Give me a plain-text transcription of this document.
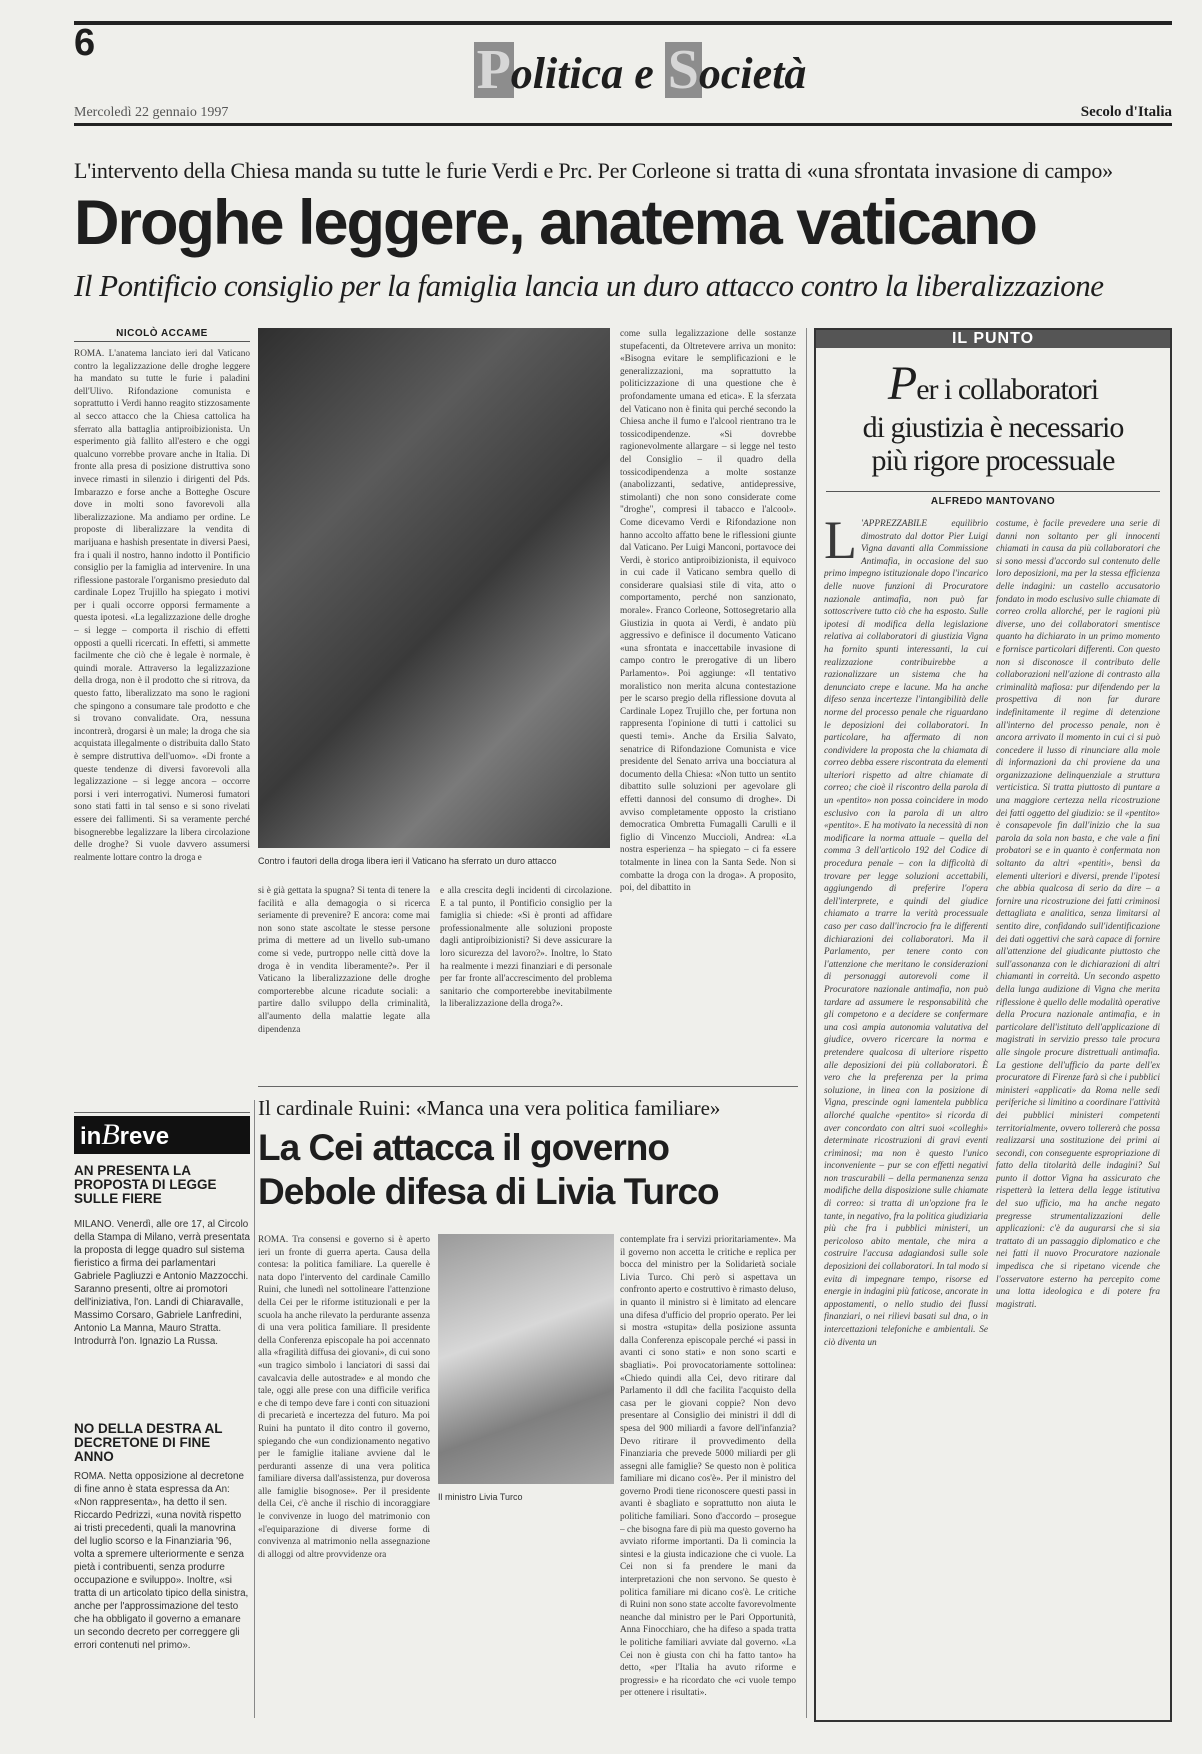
6	Politica e Società
Mercoledì 22 gennaio 1997	Secolo d'Italia
L'intervento della Chiesa manda su tutte le furie Verdi e Prc. Per Corleone si tratta di «una sfrontata invasione di campo»
Droghe leggere, anatema vaticano
Il Pontificio consiglio per la famiglia lancia un duro attacco contro la liberalizzazione
NICOLÒ ACCAME
ROMA. L'anatema lanciato ieri dal Vaticano contro la legalizzazione delle droghe leggere ha mandato su tutte le furie i paladini dell'Ulivo. Rifondazione comunista e soprattutto i Verdi hanno reagito stizzosamente al secco attacco che la Chiesa cattolica ha sferrato alla battaglia antiproibizionista. Un esperimento già fallito all'estero e che oggi qualcuno vorrebbe provare anche in Italia. Di fronte alla presa di posizione distruttiva sono invece rimasti in silenzio i dirigenti del Pds. Imbarazzo e forse anche a Botteghe Oscure dove in molti sono favorevoli alla liberalizzazione. Ma andiamo per ordine. Le proposte di liberalizzare la vendita di marijuana e hashish presentate in diversi Paesi, fra i quali il nostro, hanno indotto il Pontificio consiglio per la famiglia ad intervenire. In una riflessione pastorale l'organismo presieduto dal cardinale Lopez Trujillo ha spiegato i motivi per i quali occorre opporsi fermamente a questa ipotesi. «La legalizzazione delle droghe – si legge – comporta il rischio di effetti opposti a quelli ricercati. In effetti, si ammette facilmente che ciò che è legale è normale, è quindi morale. Attraverso la legalizzazione della droga, non è il prodotto che si ritrova, da questo fatto, liberalizzato ma sono le ragioni che spingono a consumare tale prodotto e che si trovano convalidate. Ora, nessuna incontrerà, drogarsi è un male; la droga che sia acquistata illegalmente o distribuita dallo Stato è sempre distruttiva dell'uomo». «Di fronte a queste tendenze di diversi favorevoli alla legalizzazione – si legge ancora – occorre porsi i veri interrogativi. Numerosi fumatori sono stati fatti in tal senso e si sono rivelati essere dei fallimenti. Si sa veramente perché bisognerebbe legalizzare la libera circolazione delle droghe? Si vuole davvero assumersi realmente lottare contro la droga e	Contro i fautori della droga libera ieri il Vaticano ha sferrato un duro attacco
si è già gettata la spugna? Si tenta di tenere la facilità e alla demagogia o si ricerca seriamente di prevenire? E ancora: come mai non sono state ascoltate le stesse persone prima di mettere ad un livello sub-umano come si vede, purtroppo nelle città dove la droga è in vendita liberamente?». Per il Vaticano la liberalizzazione delle droghe comporterebbe alcune ricadute sociali: a partire dallo sviluppo della criminalità, all'aumento della malattie legate alla dipendenza
e alla crescita degli incidenti di circolazione. E a tal punto, il Pontificio consiglio per la famiglia si chiede: «Si è pronti ad affidare professionalmente alle soluzioni proposte dagli antiproibizionisti? Si deve assicurare la loro sicurezza del lavoro?». Inoltre, lo Stato ha realmente i mezzi finanziari e di personale per far fronte all'accrescimento del problema sanitario che comporterebbe inevitabilmente la liberalizzazione della droga?».
come sulla legalizzazione delle sostanze stupefacenti, da Oltretevere arriva un monito: «Bisogna evitare le semplificazioni e le generalizzazioni, ma soprattutto la politicizzazione di una questione che è profondamente umana ed etica». E la sferzata del Vaticano non è finita qui perché secondo la Chiesa anche il fumo e l'alcool rientrano tra le tossicodipendenze. «Si dovrebbe ragionevolmente allargare – si legge nel testo del Consiglio – il quadro della tossicodipendenza a molte sostanze (anabolizzanti, sedative, antidepressive, stimolanti) che non sono considerate come "droghe", compresi il tabacco e l'alcool». Come dicevamo Verdi e Rifondazione non hanno accolto affatto bene le riflessioni giunte dal Vaticano. Per Luigi Manconi, portavoce dei Verdi, è storico antiproibizionista, il equivoco in cui cade il Vaticano sembra quello di considerare qualsiasi stile di vita, atto o comportamento, perché non sanzionato, morale». Franco Corleone, Sottosegretario alla Giustizia in quota ai Verdi, è andato più aggressivo e definisce il documento Vaticano «una sfrontata e inaccettabile invasione di campo contro le prerogative di un libero Parlamento». Poi aggiunge: «Il tentativo moralistico non merita alcuna contestazione per le scarso pregio della riflessione dovuta al Cardinale Lopez Trujillo che, per fortuna non rappresenta l'opinione di tutti i cattolici su questi temi». Anche da Ersilia Salvato, senatrice di Rifondazione Comunista e vice presidente del Senato arriva una bocciatura al documento della Chiesa: «Non tutto un sentito dibattito sulle soluzioni per agevolare gli effetti dannosi del consumo di droghe». Di avviso completamente opposto la cristiano democratica Ombretta Fumagalli Carulli e il figlio di Vincenzo Muccioli, Andrea: «La nostra esperienza – ha spiegato – ci fa essere totalmente in linea con la Santa Sede. Non si combatte la droga con la droga». A proposito, poi, del dibattito in
IL PUNTO
Per i collaboratori
di giustizia è necessario
più rigore processuale
ALFREDO MANTOVANO
L 'APPREZZABILE equilibrio dimostrato dal dottor Pier Luigi Vigna davanti alla Commissione Antimafia, in occasione del suo primo impegno istituzionale dopo l'incarico delle nuove funzioni di Procuratore nazionale antimafia, non può far sottoscrivere tutto ciò che ha esposto. Sulle ipotesi di modifica della legislazione relativa ai collaboratori di giustizia Vigna ha fornito spunti interessanti, la cui realizzazione contribuirebbe a razionalizzare un sistema che ha denunciato crepe e lacune. Ma ha anche difeso senza incertezze l'intangibilità delle norme del processo penale che riguardano le deposizioni dei collaboratori. In particolare, ha affermato di non condividere la proposta che la chiamata di correo debba essere riscontrata da elementi ulteriori rispetto ad altre chiamate di correo; che cioè il riscontro della parola di un «pentito» non possa coincidere in modo esclusivo con la parola di un altro «pentito». E ha motivato la necessità di non modificare la norma attuale – quella del comma 3 dell'articolo 192 del Codice di procedura penale – con la difficoltà di trovare per legge soluzioni accettabili, aggiungendo di preferire l'opera dell'interprete, e quindi del giudice chiamato a trarre la verità processuale caso per caso dall'incrocio fra le differenti dichiarazioni dei collaboratori. Ma il Parlamento, per tenere conto con l'attenzione che meritano le considerazioni di personaggi autorevoli come il Procuratore nazionale antimafia, non può tardare ad assumere le responsabilità che gli competono e a decidere se confermare una così ampia autonomia valutativa del giudice, ovvero ricercare la norma e pretendere qualcosa di ulteriore rispetto alle deposizioni dei più collaboratori. È vero che la preferenza per la prima soluzione, in linea con la posizione di Vigna, prescinde ogni lamentela pubblica allorché qualche «pentito» si ricorda di aver concordato con altri suoi «colleghi» determinate ricostruzioni di gravi eventi criminosi; ma non è questo l'unico inconveniente – pur se con effetti negativi non trascurabili – della permanenza senza modifiche della disposizione sulle chiamate di correo: si tratta di un'opzione fra le tante, in negativo, fra la politica giudiziaria più che fra i pubblici ministeri, un pericoloso abito mentale, che mira a costruire l'accusa adagiandosi sulle sole deposizioni dei collaboratori. In tal modo si evita di impegnare tempo, risorse ed energie in indagini più faticose, ancorate in appostamenti, o nello studio dei flussi finanziari, o nei rilievi basati sul dna, o in intercettazioni telefoniche e ambientali. Se ciò diventa un
costume, è facile prevedere una serie di danni non soltanto per gli innocenti chiamati in causa da più collaboratori che si sono messi d'accordo sul contenuto delle loro deposizioni, ma per la stessa efficienza delle indagini: un castello accusatorio fondato in modo esclusivo sulle chiamate di correo crolla allorché, per le ragioni più diverse, uno dei collaboratori smentisce quanto ha dichiarato in un primo momento e fornisce particolari differenti. Con questo non si disconosce il contributo delle collaborazioni nell'azione di contrasto alla criminalità mafiosa: pur difendendo per la prospettiva di non far durare indefinitamente il regime di detenzione all'interno del processo penale, non è ancora arrivato il momento in cui ci si può concedere il lusso di rinunciare alla mole di informazioni da chi proviene da una organizzazione delinquenziale a struttura verticistica. Si tratta piuttosto di puntare a una maggiore certezza nella ricostruzione dei fatti oggetto del giudizio: se il «pentito» è consapevole fin dall'inizio che la sua parola da sola non basta, e che vale a fini probatori se e in quanto è confermata non soltanto da altri «pentiti», bensì da elementi ulteriori e diversi, prende l'ipotesi che abbia qualcosa di serio da dire – a fornire una ricostruzione dei fatti criminosi dettagliata e analitica, senza limitarsi al sentito dire, confidando sull'identificazione dei dati oggettivi che sarà capace di fornire all'attenzione del giudicante piuttosto che sull'assonanza con le dichiarazioni di altri chiamanti in correità. Un secondo aspetto della lunga audizione di Vigna che merita riflessione è quello delle modalità operative della Procura nazionale antimafia, e in particolare dell'istituto dell'applicazione di magistrati in servizio presso tale procura alle singole procure distrettuali antimafia. La gestione dell'ufficio da parte dell'ex procuratore di Firenze farà sì che i pubblici ministeri «applicati» da Roma nelle sedi periferiche si limitino a coordinare l'attività dei pubblici ministeri competenti territorialmente, ovvero tollererà che possa realizzarsi una sostituzione dei primi ai secondi, con conseguente espropriazione di fatto della titolarità delle indagini? Sul punto il dottor Vigna ha assicurato che rispetterà la lettera della legge istitutiva del suo ufficio, ma ha anche negato pregresse strumentalizzazioni delle applicazioni: c'è da augurarsi che si sia trattato di un passaggio diplomatico e che nei fatti il nuovo Procuratore nazionale impedisca che si ripetano vicende che l'osservatore esterno ha percepito come una lotta ideologica e di potere fra magistrati.
inBreve
AN PRESENTA LA PROPOSTA DI LEGGE SULLE FIERE
MILANO. Venerdì, alle ore 17, al Circolo della Stampa di Milano, verrà presentata la proposta di legge quadro sul sistema fieristico a firma dei parlamentari Gabriele Pagliuzzi e Antonio Mazzocchi. Saranno presenti, oltre ai promotori dell'iniziativa, l'on. Landi di Chiaravalle, Massimo Corsaro, Gabriele Lanfredini, Antonio La Manna, Mauro Stratta. Introdurrà l'on. Ignazio La Russa.
NO DELLA DESTRA AL DECRETONE DI FINE ANNO
ROMA. Netta opposizione al decretone di fine anno è stata espressa da An: «Non rappresenta», ha detto il sen. Riccardo Pedrizzi, «una novità rispetto ai tristi precedenti, quali la manovrina del luglio scorso e la Finanziaria '96, volta a spremere ulteriormente e senza pietà i contribuenti, senza produrre occupazione e sviluppo». Inoltre, «si tratta di un articolato tipico della sinistra, anche per l'approssimazione del testo che ha obbligato il governo a emanare un secondo decreto per correggere gli errori contenuti nel primo».
Il cardinale Ruini: «Manca una vera politica familiare»
La Cei attacca il governo
Debole difesa di Livia Turco
ROMA. Tra consensi e governo si è aperto ieri un fronte di guerra aperta. Causa della contesa: la politica familiare. La querelle è nata dopo l'intervento del cardinale Camillo Ruini, che lunedì nel sottolineare l'attenzione della Cei per le riforme istituzionali e per la scuola ha anche rilevato la perdurante assenza di una vera politica familiare. Il presidente della Conferenza episcopale ha poi accennato alla «fragilità diffusa dei giovani», di cui sono «un tragico simbolo i lanciatori di sassi dai cavalcavia delle autostrade» e al mondo che tale, oggi alle prese con una difficile verifica e che di tempo deve fare i conti con situazioni di precarietà e incertezza del futuro. Ma poi Ruini ha puntato il dito contro il governo, spiegando che «un condizionamento negativo per le famiglie italiane avviene dal le perduranti assenze di una vera politica familiare diversa dall'assistenza, pur doverosa alle famiglie bisognose». Per il presidente della Cei, c'è anche il rischio di incoraggiare le convivenze in luogo del matrimonio con «l'equiparazione di diverse forme di convivenza al matrimonio nella assegnazione di alloggi od altre provvidenze ora
Il ministro Livia Turco
contemplate fra i servizi prioritariamente». Ma il governo non accetta le critiche e replica per bocca del ministro per la Solidarietà sociale Livia Turco. Chi però si aspettava un confronto aperto e costruttivo è rimasto deluso, in quanto il ministro si è limitato ad elencare una difesa d'ufficio del proprio operato. Per lei si mostra «stupita» della posizione assunta dalla Conferenza episcopale perché «i passi in avanti ci sono stati» e non sono scarti e sbagliati». Poi provocatoriamente sottolinea: «Chiedo quindi alla Cei, devo ritirare dal Parlamento il ddl che facilita l'acquisto della casa per le giovani coppie? Non devo presentare al Consiglio dei ministri il ddl di spesa del 900 miliardi a favore dell'infanzia? Devo ritirare il provvedimento della Finanziaria che prevede 5000 miliardi per gli assegni alle famiglie? Se questo non è politica familiare mi dicano cos'è». Per il ministro del governo Prodi tiene riconoscere questi passi in avanti è sbagliato e soprattutto non aiuta le politiche familiari. Sono d'accordo – prosegue – che bisogna fare di più ma questo governo ha avviato riforme importanti. Da lì comincia la sintesi e la giusta indicazione che ci vuole. La Cei non si fa prendere le mani da interpretazioni che non servono. Se questo è politica familiare mi dicano cos'è. Le critiche di Ruini non sono state accolte favorevolmente neanche dal ministro per le Pari Opportunità, Anna Finocchiaro, che ha difeso a spada tratta le politiche familiari avviate dal governo. «La Cei non è giusta con chi ha fatto tanto» ha detto, «per l'Italia ha avuto riforme e progressi» e ha ricordato che «ci vuole tempo per ottenere i risultati».
